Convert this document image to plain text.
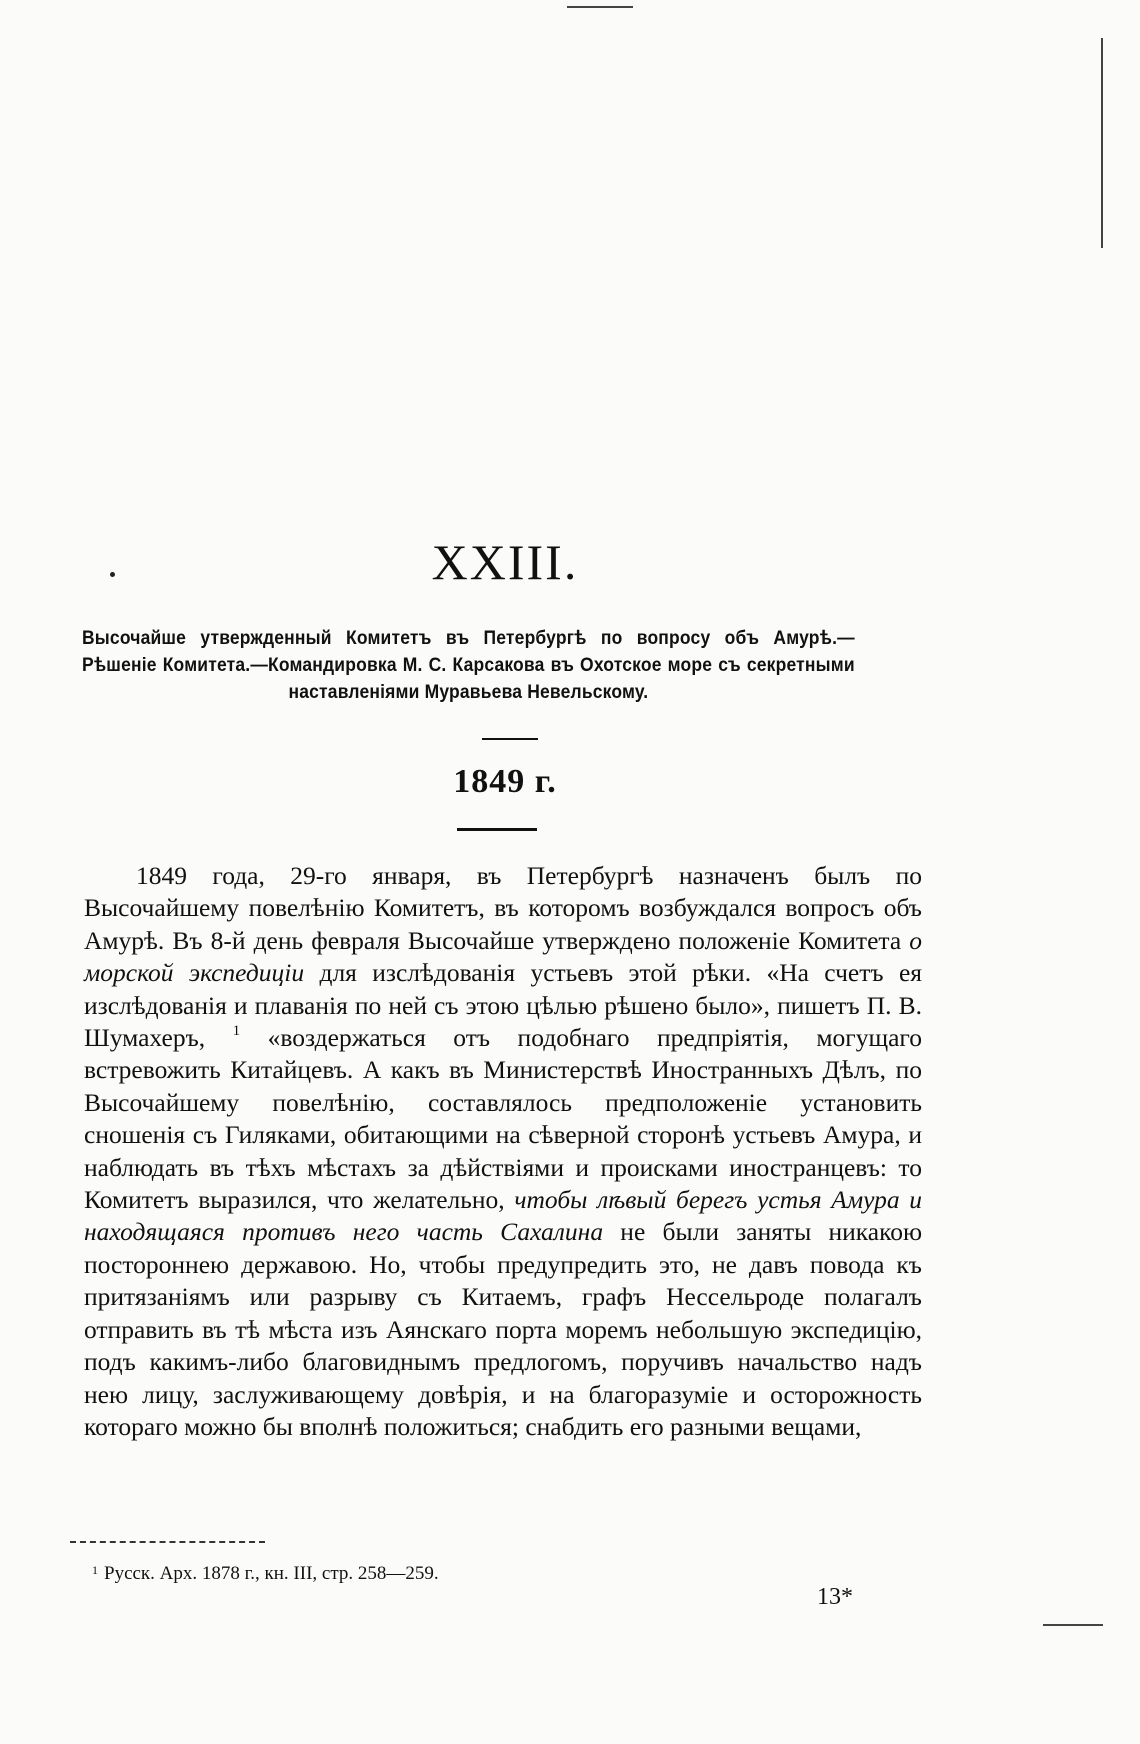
XXIII.
Высочайше утвержденный Комитетъ въ Петербургѣ по вопросу объ Амурѣ.— Рѣшеніе Комитета.—Командировка М. С. Карсакова въ Охотское море съ секретными наставленіями Муравьева Невельскому.
1849 г.

1849 года, 29-го января, въ Петербургѣ назначенъ былъ по Высочайшему повелѣнію Комитетъ, въ которомъ возбуждался вопросъ объ Амурѣ. Въ 8-й день февраля Высочайше утверждено положеніе Комитета о морской экспедиціи для изслѣдованія устьевъ этой рѣки. «На счетъ ея изслѣдованія и плаванія по ней съ этою цѣлью рѣшено было», пишетъ П. В. Шумахеръ, $^1$ «воздержаться отъ подобнаго предпріятія, могущаго встревожить Китайцевъ. А какъ въ Министерствѣ Иностранныхъ Дѣлъ, по Высочайшему повелѣнію, составлялось предположеніе установить сношенія съ Гиляками, обитающими на сѣверной сторонѣ устьевъ Амура, и наблюдать въ тѣхъ мѣстахъ за дѣйствіями и происками иностранцевъ: то Комитетъ выразился, что желательно, чтобы лѣвый берегъ устья Амура и находящаяся противъ него часть Сахалина не были заняты никакою постороннею державою. Но, чтобы предупредить это, не давъ повода къ притязаніямъ или разрыву съ Китаемъ, графъ Нессельроде полагалъ отправить въ тѣ мѣста изъ Аянскаго порта моремъ небольшую экспедицію, подъ какимъ-либо благовиднымъ предлогомъ, поручивъ начальство надъ нею лицу, заслуживающему довѣрія, и на благоразуміе и осторожность котораго можно бы вполнѣ положиться; снабдить его разными вещами,

$^1$ Русск. Арх. 1878 г., кн. III, стр. 258—259.
13*
